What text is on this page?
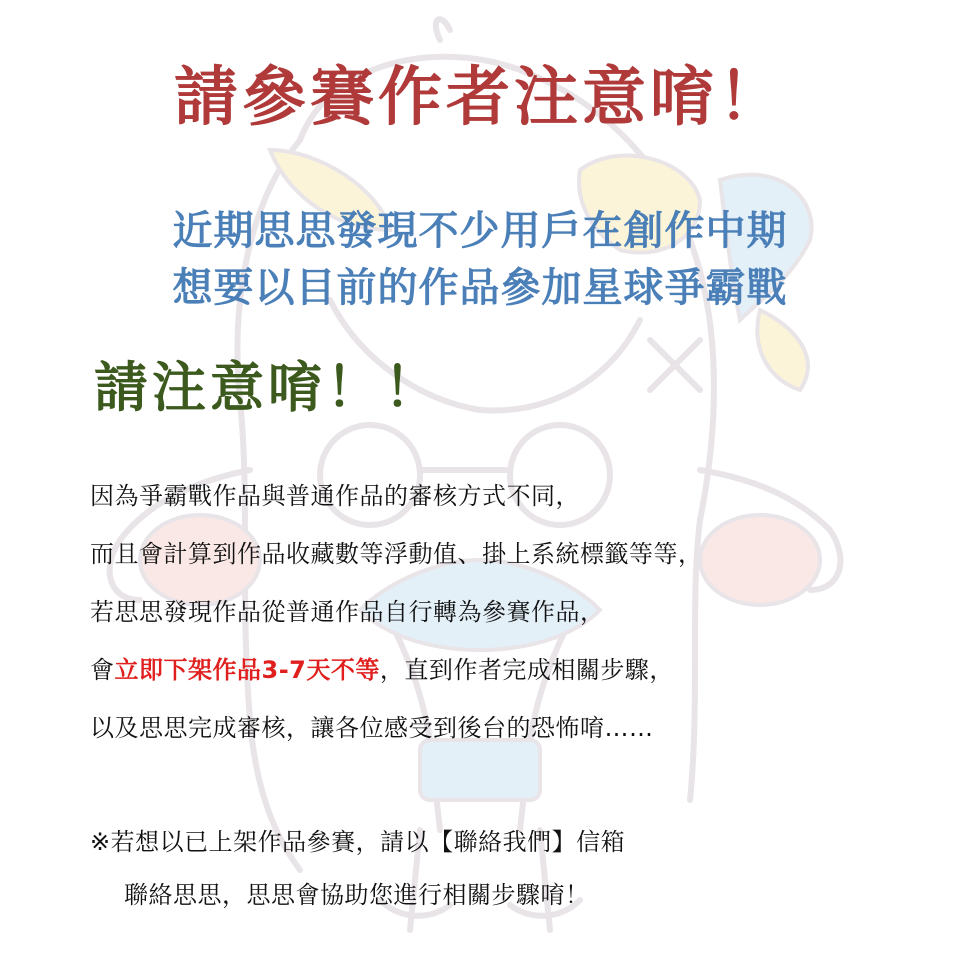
請參賽作者注意唷！
近期思思發現不少用戶在創作中期
想要以目前的作品參加星球爭霸戰
請注意唷！！
因為爭霸戰作品與普通作品的審核方式不同，
而且會計算到作品收藏數等浮動值、掛上系統標籤等等，
若思思發現作品從普通作品自行轉為參賽作品，
會立即下架作品3-7天不等，直到作者完成相關步驟，
以及思思完成審核，讓各位感受到後台的恐怖唷……
※若想以已上架作品參賽，請以【聯絡我們】信箱
聯絡思思，思思會協助您進行相關步驟唷！
